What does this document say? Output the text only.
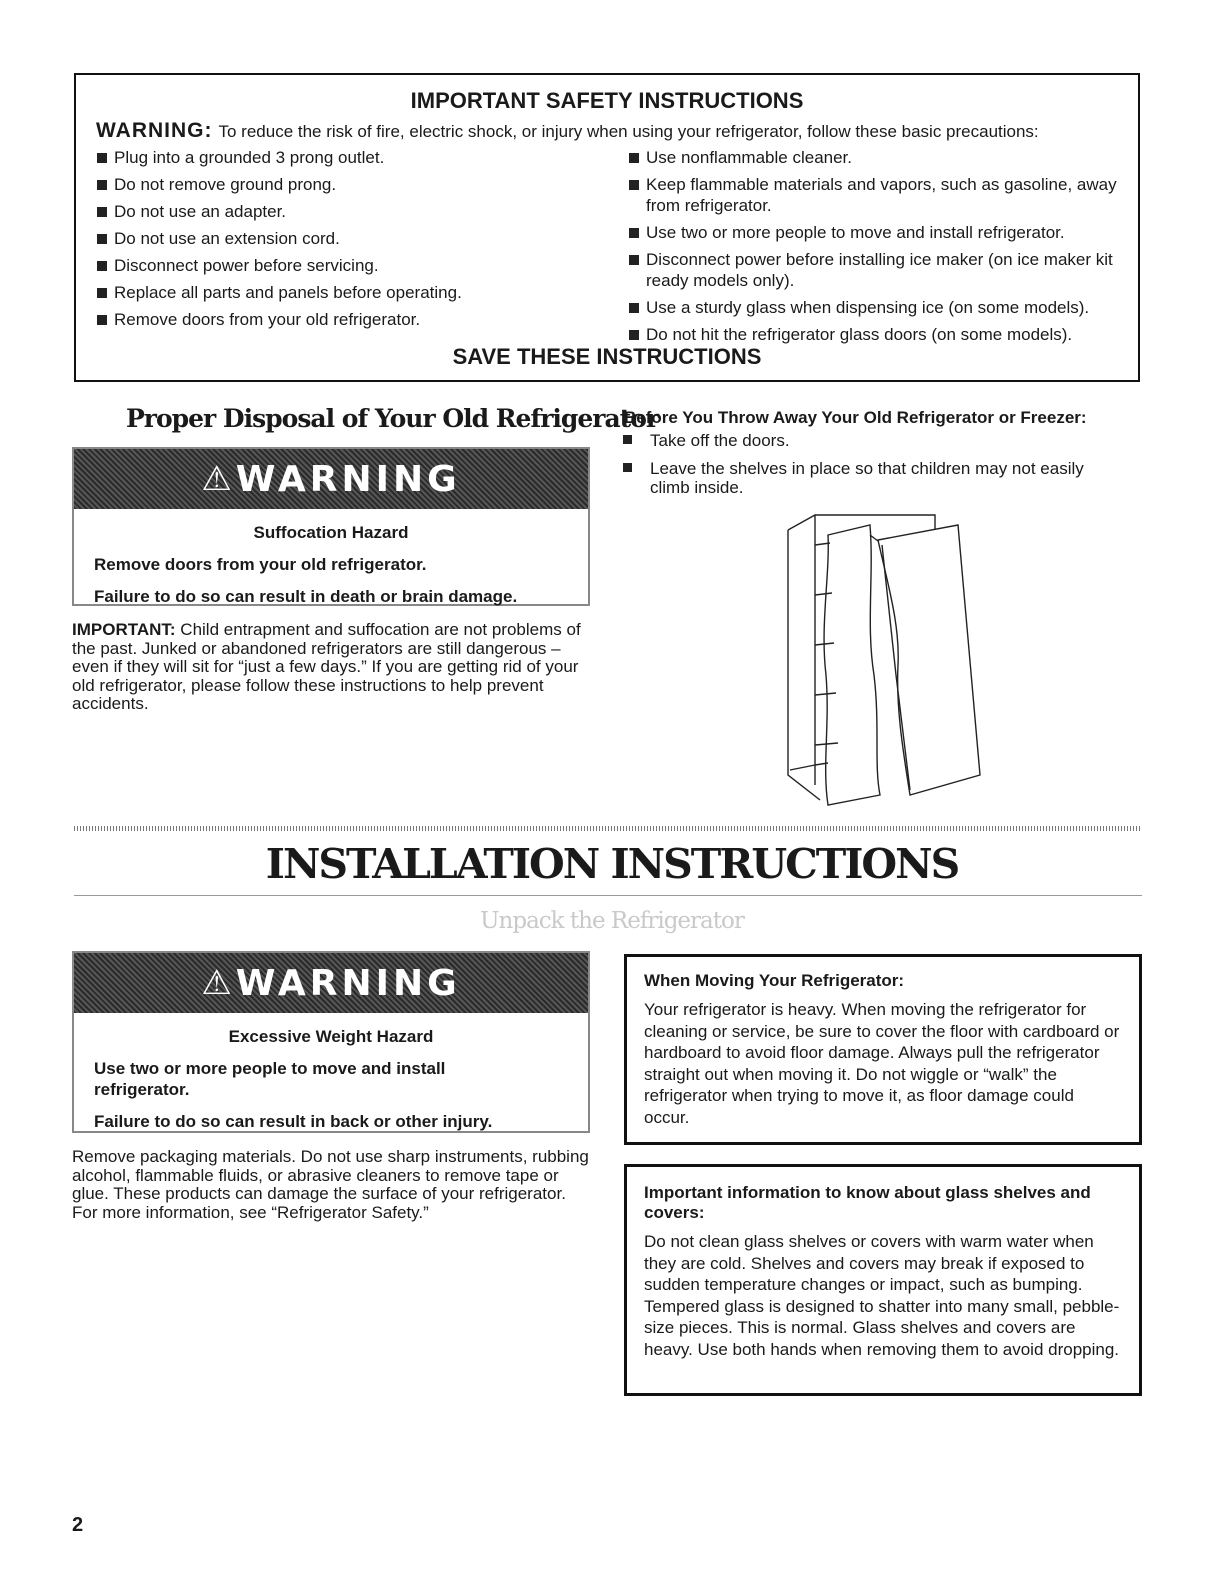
IMPORTANT SAFETY INSTRUCTIONS
WARNING: To reduce the risk of fire, electric shock, or injury when using your refrigerator, follow these basic precautions:
Plug into a grounded 3 prong outlet.
Do not remove ground prong.
Do not use an adapter.
Do not use an extension cord.
Disconnect power before servicing.
Replace all parts and panels before operating.
Remove doors from your old refrigerator.
Use nonflammable cleaner.
Keep flammable materials and vapors, such as gasoline, away from refrigerator.
Use two or more people to move and install refrigerator.
Disconnect power before installing ice maker (on ice maker kit ready models only).
Use a sturdy glass when dispensing ice (on some models).
Do not hit the refrigerator glass doors (on some models).
SAVE THESE INSTRUCTIONS
Proper Disposal of Your Old Refrigerator
⚠ WARNING
Suffocation Hazard
Remove doors from your old refrigerator.
Failure to do so can result in death or brain damage.
IMPORTANT: Child entrapment and suffocation are not problems of the past. Junked or abandoned refrigerators are still dangerous – even if they will sit for “just a few days.” If you are getting rid of your old refrigerator, please follow these instructions to help prevent accidents.
Before You Throw Away Your Old Refrigerator or Freezer:
Take off the doors.
Leave the shelves in place so that children may not easily climb inside.
INSTALLATION INSTRUCTIONS
Unpack the Refrigerator
⚠ WARNING
Excessive Weight Hazard
Use two or more people to move and install refrigerator.
Failure to do so can result in back or other injury.
Remove packaging materials. Do not use sharp instruments, rubbing alcohol, flammable fluids, or abrasive cleaners to remove tape or glue. These products can damage the surface of your refrigerator. For more information, see “Refrigerator Safety.”
When Moving Your Refrigerator:
Your refrigerator is heavy. When moving the refrigerator for cleaning or service, be sure to cover the floor with cardboard or hardboard to avoid floor damage. Always pull the refrigerator straight out when moving it. Do not wiggle or “walk” the refrigerator when trying to move it, as floor damage could occur.
Important information to know about glass shelves and covers:
Do not clean glass shelves or covers with warm water when they are cold. Shelves and covers may break if exposed to sudden temperature changes or impact, such as bumping. Tempered glass is designed to shatter into many small, pebble-size pieces. This is normal. Glass shelves and covers are heavy. Use both hands when removing them to avoid dropping.
2
